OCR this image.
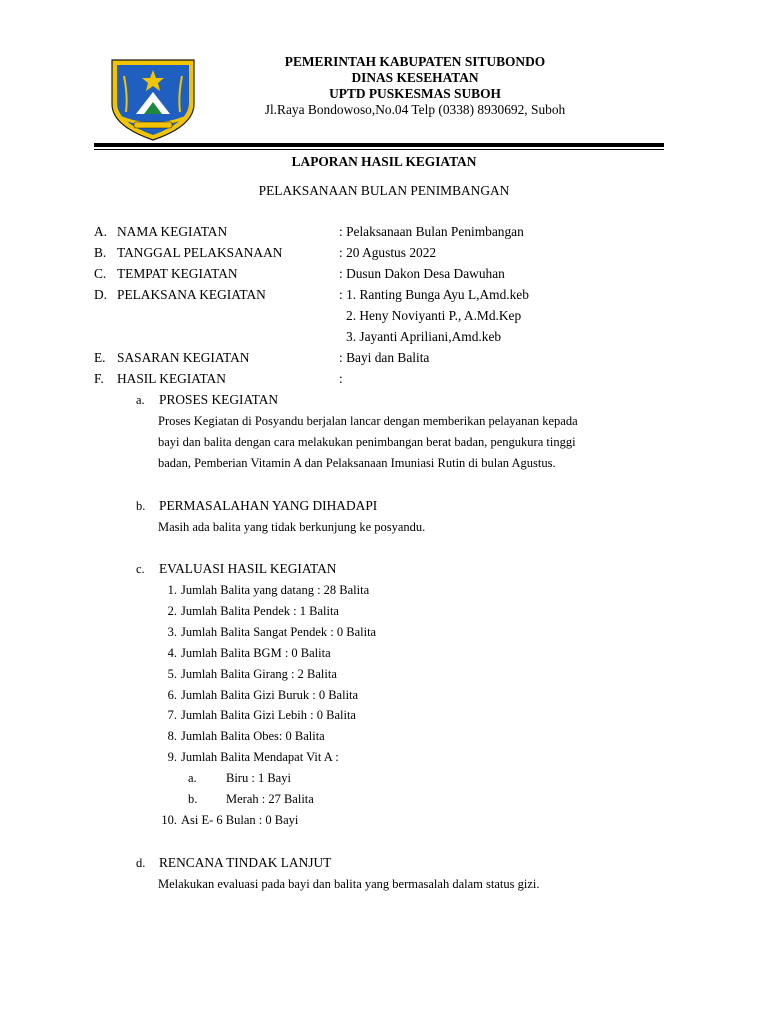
PEMERINTAH KABUPATEN SITUBONDO
DINAS KESEHATAN
UPTD PUSKESMAS SUBOH
Jl.Raya Bondowoso,No.04 Telp (0338) 8930692, Suboh
LAPORAN HASIL KEGIATAN
PELAKSANAAN BULAN PENIMBANGAN
A. NAMA KEGIATAN	: Pelaksanaan Bulan Penimbangan
B. TANGGAL PELAKSANAAN	: 20 Agustus 2022
C. TEMPAT KEGIATAN	: Dusun Dakon Desa Dawuhan
D. PELAKSANA KEGIATAN	: 1. Ranting Bunga Ayu L,Amd.keb
2. Heny Noviyanti P., A.Md.Kep
3. Jayanti Apriliani,Amd.keb
E. SASARAN KEGIATAN	: Bayi dan Balita
F. HASIL KEGIATAN	:
a. PROSES KEGIATAN
Proses Kegiatan di Posyandu berjalan lancar dengan memberikan pelayanan kepada
bayi dan balita dengan cara melakukan penimbangan berat badan, pengukura tinggi
badan, Pemberian Vitamin A dan Pelaksanaan Imuniasi Rutin di bulan Agustus.
b. PERMASALAHAN YANG DIHADAPI
Masih ada balita yang tidak berkunjung ke posyandu.
c. EVALUASI HASIL KEGIATAN
1. Jumlah Balita yang datang : 28 Balita
2. Jumlah Balita Pendek : 1 Balita
3. Jumlah Balita Sangat Pendek : 0 Balita
4. Jumlah Balita BGM : 0 Balita
5. Jumlah Balita Girang : 2 Balita
6. Jumlah Balita Gizi Buruk : 0 Balita
7. Jumlah Balita Gizi Lebih : 0 Balita
8. Jumlah Balita Obes: 0 Balita
9. Jumlah Balita Mendapat Vit A :
a. Biru : 1 Bayi
b. Merah : 27 Balita
10. Asi E- 6 Bulan : 0 Bayi
d. RENCANA TINDAK LANJUT
Melakukan evaluasi pada bayi dan balita yang bermasalah dalam status gizi.
